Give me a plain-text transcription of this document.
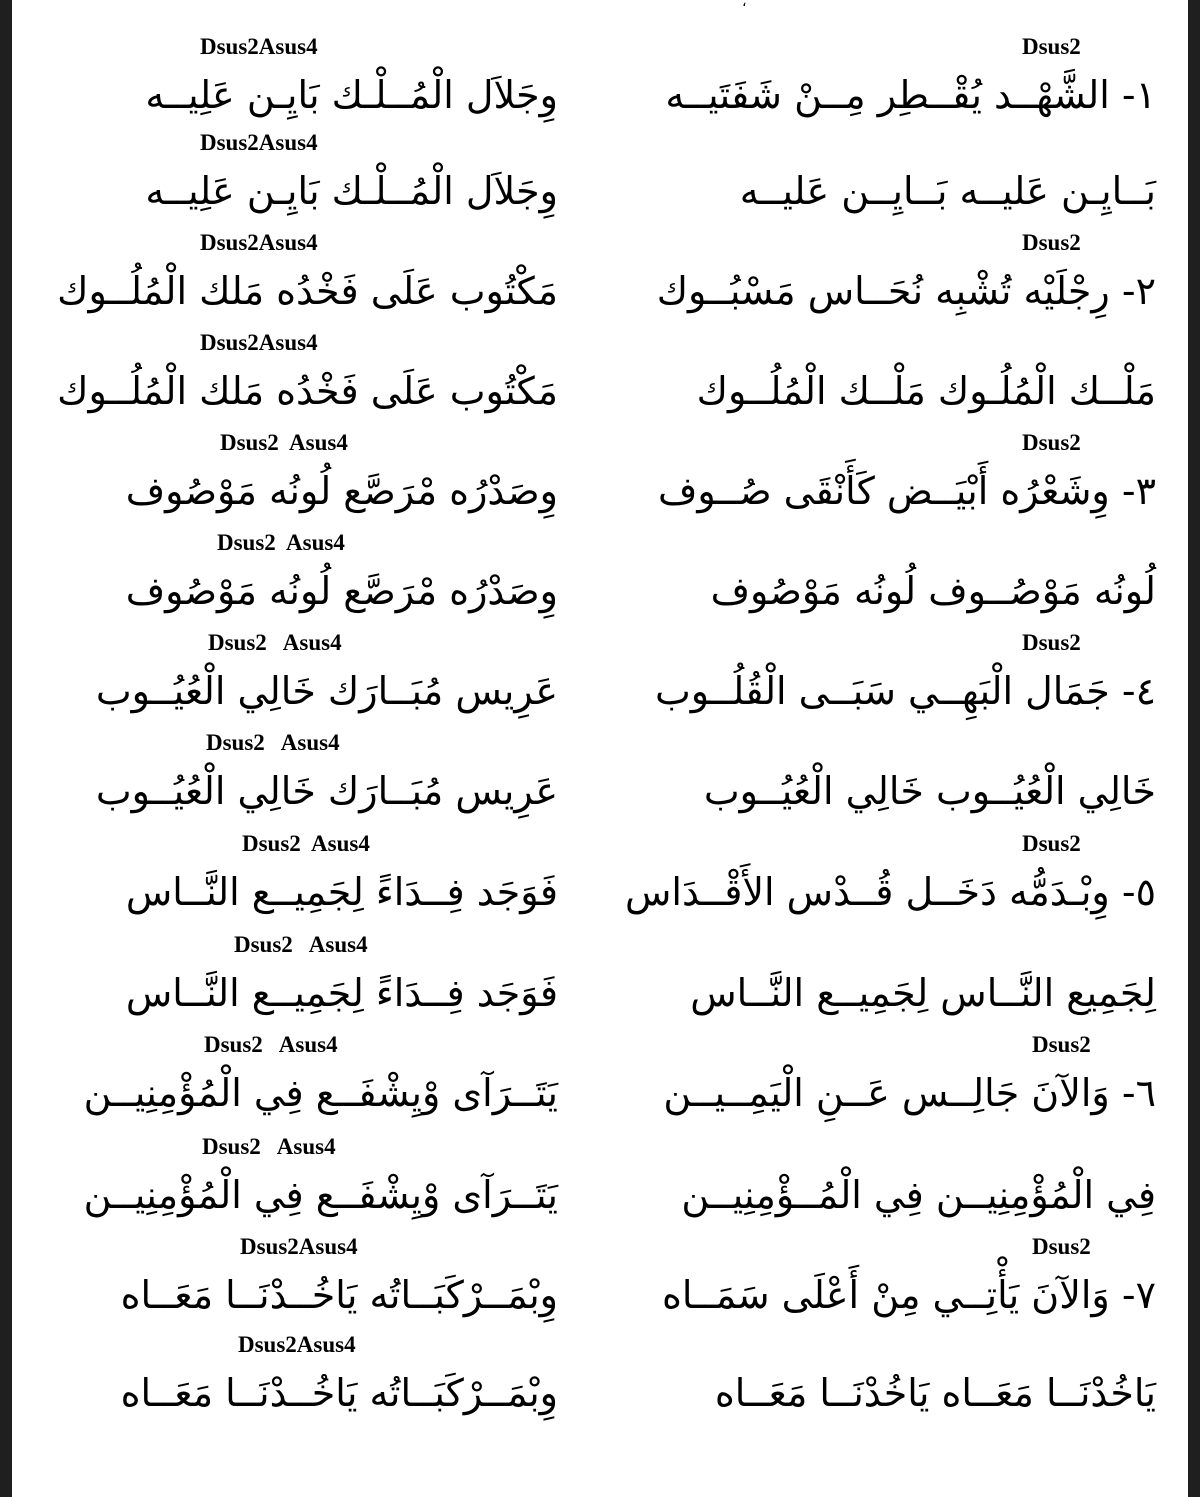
،
Dsus2
Dsus2Asus4
١- الشَّهْــد يُقْــطِر مِــنْ شَفَتَيــه
وِجَلاَل الْمُــلْـك بَايِـن عَلِيــه
Dsus2Asus4
بَــايِـن عَليــه بَــايِــن عَليــه
وِجَلاَل الْمُــلْـك بَايِـن عَلِيــه
Dsus2
Dsus2Asus4
٢- رِجْلَيْه تُشْبِه نُحَــاس مَسْبُــوك
مَكْتُوب عَلَى فَخْدُه مَلك الْمُلُــوك
Dsus2Asus4
مَلْــك الْمُلُـوك مَلْــك الْمُلُــوك
مَكْتُوب عَلَى فَخْدُه مَلك الْمُلُــوك
Dsus2
Dsus2  Asus4
٣- وِشَعْرُه أَبْيَــض كَأَنْقَى صُــوف
وِصَدْرُه مْرَصَّع لُونُه مَوْصُوف
Dsus2  Asus4
لُونُه مَوْصُــوف لُونُه مَوْصُوف
وِصَدْرُه مْرَصَّع لُونُه مَوْصُوف
Dsus2
Dsus2   Asus4
٤- جَمَال الْبَهِــي سَبَــى الْقُلُــوب
عَرِيس مُبَــارَك خَالِي الْعُيُــوب
Dsus2   Asus4
خَالِي الْعُيُــوب خَالِي الْعُيُــوب
عَرِيس مُبَــارَك خَالِي الْعُيُــوب
Dsus2
Dsus2  Asus4
٥- وِبْـدَمُّه دَخَــل قُــدْس الأَقْــدَاس
فَوَجَد فِــدَاءً لِجَمِيــع النَّــاس
Dsus2   Asus4
لِجَمِيع النَّــاس لِجَمِيــع النَّــاس
فَوَجَد فِــدَاءً لِجَمِيــع النَّــاس
Dsus2
Dsus2   Asus4
٦- وَالآنَ جَالِــس عَــنِ الْيَمِــيــن
يَتَــرَآى وْيِشْفَــع فِي الْمُؤْمِنِيــن
Dsus2   Asus4
فِي الْمُؤْمِنِيــن فِي الْمُــؤْمِنِيــن
يَتَــرَآى وْيِشْفَــع فِي الْمُؤْمِنِيــن
Dsus2
Dsus2Asus4
٧- وَالآنَ يَأْتِــي مِنْ أَعْلَى سَمَــاه
وِبْمَــرْكَبَــاتُه يَاخُــدْنَــا مَعَــاه
Dsus2Asus4
يَاخُدْنَــا مَعَــاه يَاخُدْنَــا مَعَــاه
وِبْمَــرْكَبَــاتُه يَاخُــدْنَــا مَعَــاه
